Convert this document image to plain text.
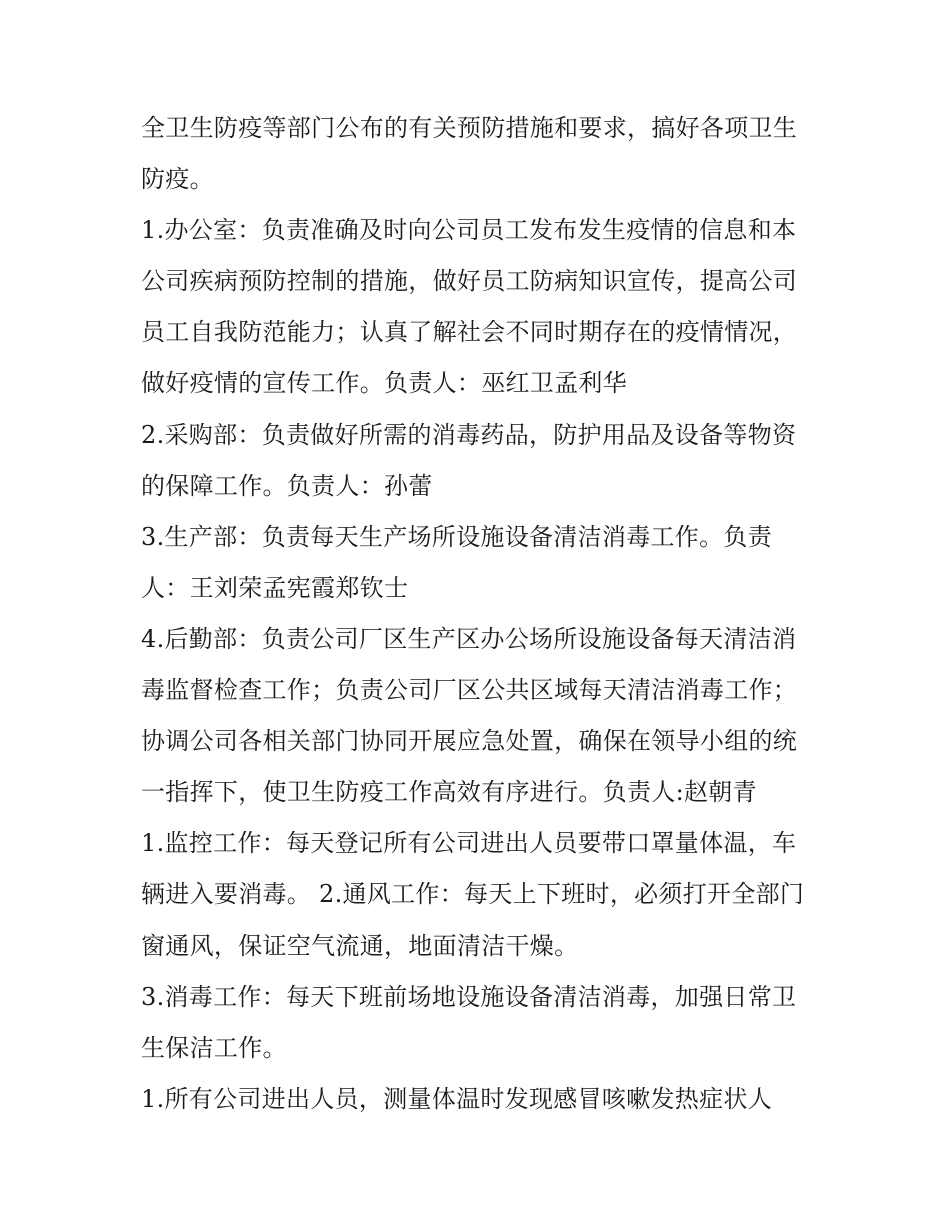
全卫生防疫等部门公布的有关预防措施和要求，搞好各项卫生
防疫。
1.办公室：负责准确及时向公司员工发布发生疫情的信息和本
公司疾病预防控制的措施，做好员工防病知识宣传，提高公司
员工自我防范能力；认真了解社会不同时期存在的疫情情况，
做好疫情的宣传工作。负责人：巫红卫孟利华
2.采购部：负责做好所需的消毒药品，防护用品及设备等物资
的保障工作。负责人：孙蕾
3.生产部：负责每天生产场所设施设备清洁消毒工作。负责
人：王刘荣孟宪霞郑钦士
4.后勤部：负责公司厂区生产区办公场所设施设备每天清洁消
毒监督检查工作；负责公司厂区公共区域每天清洁消毒工作；
协调公司各相关部门协同开展应急处置，确保在领导小组的统
一指挥下，使卫生防疫工作高效有序进行。负责人:赵朝青
1.监控工作：每天登记所有公司进出人员要带口罩量体温，车
辆进入要消毒。 2.通风工作：每天上下班时，必须打开全部门
窗通风，保证空气流通，地面清洁干燥。
3.消毒工作：每天下班前场地设施设备清洁消毒，加强日常卫
生保洁工作。
1.所有公司进出人员，测量体温时发现感冒咳嗽发热症状人
